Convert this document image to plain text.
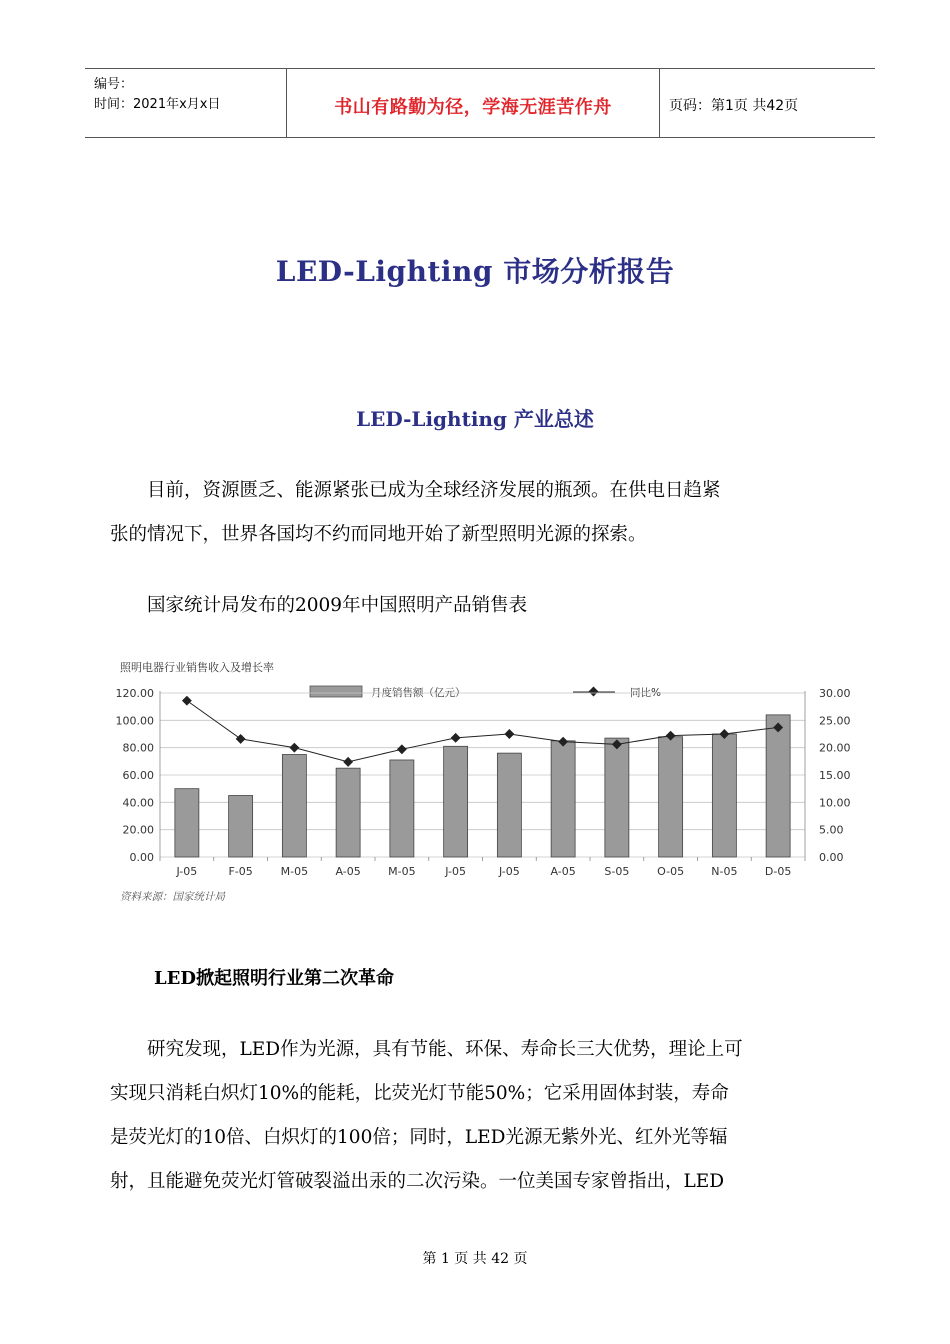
编号：
时间：2021年x月x日	书山有路勤为径，学海无涯苦作舟	页码：第1页 共42页
LED-Lighting 市场分析报告
LED-Lighting 产业总述
目前，资源匮乏、能源紧张已成为全球经济发展的瓶颈。在供电日趋紧
张的情况下，世界各国均不约而同地开始了新型照明光源的探索。
国家统计局发布的2009年中国照明产品销售表
照明电器行业销售收入及增长率
月度销售额（亿元）	同比%
120.00
100.00
80.00
60.00
40.00
20.00
0.00
30.00
25.00
20.00
15.00
10.00
5.00
0.00
J-05	F-05	M-05 A-05 M-05	J-05	J-05	A-05	S-05	O-05 N-05 D-05
资料来源：国家统计局
LED掀起照明行业第二次革命
研究发现，LED作为光源，具有节能、环保、寿命长三大优势，理论上可
实现只消耗白炽灯10%的能耗，比荧光灯节能50%；它采用固体封装，寿命
是荧光灯的10倍、白炽灯的100倍；同时，LED光源无紫外光、红外光等辐
射，且能避免荧光灯管破裂溢出汞的二次污染。一位美国专家曾指出，LED
第 1 页 共 42 页
